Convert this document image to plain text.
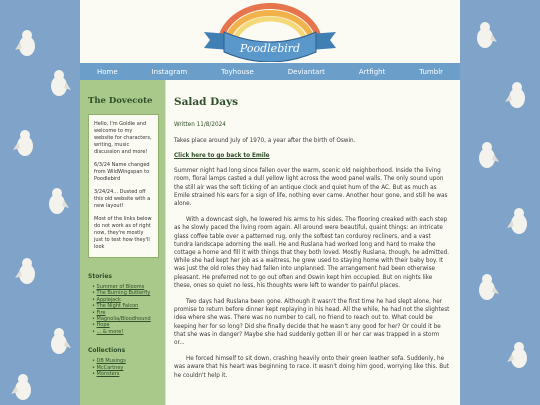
Poodlebird
Home	Instagram	Toyhouse	Deviantart	Artfight	Tumblr
The Dovecote

Hello, I'm Goldie and welcome to my website for characters, writing, music discussion and more!

6/3/24 Name changed from WildWingspan to Poodlebird

3/24/24... Dusted off this old website with a new layout!

Most of the links below do not work as of right now, they're mostly just to test how they'll look

Stories
• Summer of Blooms
• The Burning Butterfly
• Applejack
• The Night Falcon
• Fire
• Magnolia/Bloodhound
• Hope
• ... & more!
Collections
• DB Musings
• McCartney
• Monsters
Salad Days
Written 11/8/2024

Takes place around July of 1970, a year after the birth of Oswin.

Click here to go back to Emile

Summer night had long since fallen over the warm, scenic old neighborhood. Inside the living room, floral lamps casted a dull yellow light across the wood panel walls. The only sound upon the still air was the soft ticking of an antique clock and quiet hum of the AC. But as much as Emile strained his ears for a sign of life, nothing ever came. Another hour gone, and still he was alone.

With a downcast sigh, he lowered his arms to his sides. The flooring creaked with each step as he slowly paced the living room again. All around were beautiful, quaint things: an intricate glass coffee table over a patterned rug, only the softest tan corduroy recliners, and a vast tundra landscape adorning the wall. He and Ruslana had worked long and hard to make the cottage a home and fill it with things that they both loved. Mostly Ruslana, though, he admitted. While she had kept her job as a waitress, he grew used to staying home with their baby boy. It was just the old roles they had fallen into unplanned. The arrangement had been otherwise pleasant. He preferred not to go out often and Oswin kept him occupied. But on nights like these, ones so quiet no less, his thoughts were left to wander to painful places.

Two days had Ruslana been gone. Although it wasn't the first time he had slept alone, her promise to return before dinner kept replaying in his head. All the while, he had not the slightest idea where she was. There was no number to call, no friend to reach out to. What could be keeping her for so long? Did she finally decide that he wasn't any good for her? Or could it be that she was in danger? Maybe she had suddenly gotten ill or her car was trapped in a storm or...

He forced himself to sit down, crashing heavily onto their green leather sofa. Suddenly, he was aware that his heart was beginning to race. It wasn't doing him good, worrying like this. But he couldn't help it.
